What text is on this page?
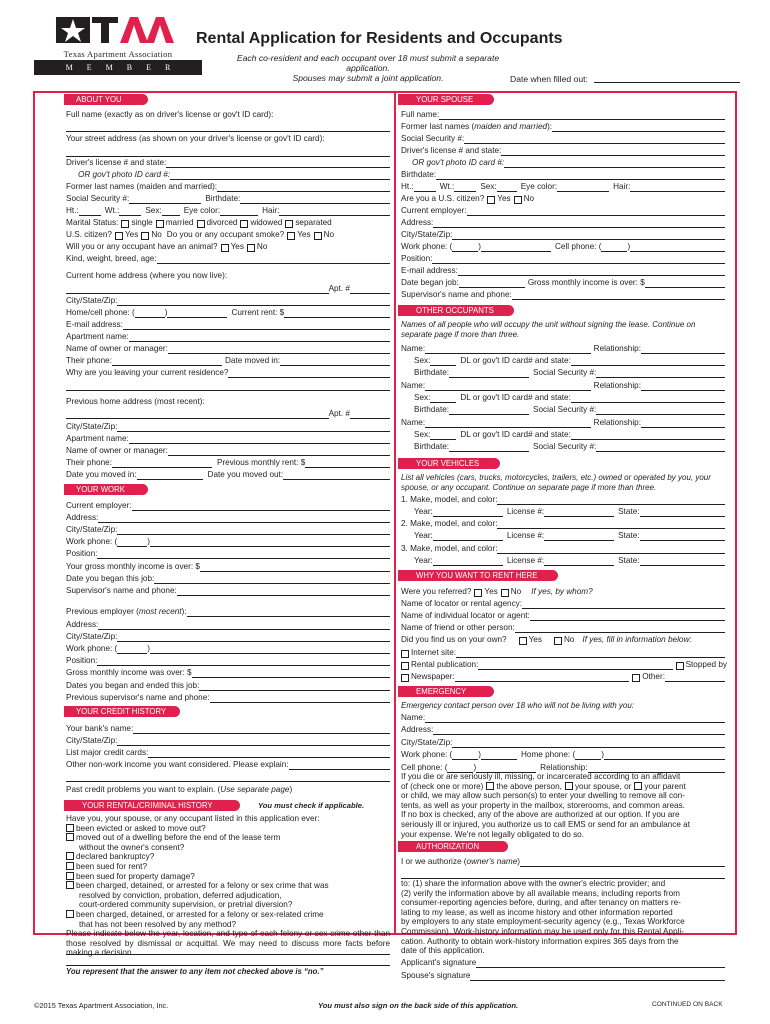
Texas Apartment Association
MEMBER
Rental Application for Residents and Occupants
Each co-resident and each occupant over 18 must submit a separate application.
Spouses may submit a joint application.	Date when filled out:
ABOUT YOU
Full name (exactly as on driver's license or gov't ID card):
Your street address (as shown on your driver's license or gov't ID card):
Driver's license # and state:
OR gov't photo ID card #:
Former last names (maiden and married):
Social Security #:	Birthdate:
Ht.:	Wt.:	Sex:	Eye color:	Hair:
Marital Status: single married divorced widowed separated
U.S. citizen? Yes No Do you or any occupant smoke? Yes No
Will you or any occupant have an animal? Yes No
Kind, weight, breed, age:
Current home address (where you now live):
Apt. #
City/State/Zip:
Home/cell phone: (	)	Current rent: $
E-mail address:
Apartment name:
Name of owner or manager:
Their phone:	Date moved in:
Why are you leaving your current residence?
Previous home address (most recent):
Apt. #
City/State/Zip:
Apartment name:
Name of owner or manager:
Their phone:	Previous monthly rent: $
Date you moved in:	Date you moved out:
YOUR WORK
Current employer:
Address:
City/State/Zip:
Work phone: (	)
Position:
Your gross monthly income is over: $
Date you began this job:
Supervisor's name and phone:
Previous employer ( most recent ):
Address:
City/State/Zip:
Work phone: (	)
Position:
Gross monthly income was over: $
Dates you began and ended this job:
Previous supervisor's name and phone:
YOUR CREDIT HISTORY
Your bank's name:
City/State/Zip:
List major credit cards:
Other non-work income you want considered. Please explain:
Past credit problems you want to explain. ( Use separate page )
YOUR RENTAL/CRIMINAL HISTORY	You must check if applicable.
Have you, your spouse, or any occupant listed in this application ever:
been evicted or asked to move out?
moved out of a dwelling before the end of the lease term
without the owner's consent?
declared bankruptcy?
been sued for rent?
been sued for property damage?
been charged, detained, or arrested for a felony or sex crime that was
resolved by conviction, probation, deferred adjudication,
court-ordered community supervision, or pretrial diversion?
been charged, detained, or arrested for a felony or sex-related crime
that has not been resolved by any method?
Please indicate below the year, location, and type of each felony or sex crime other than those resolved by dismissal or acquittal. We may need to discuss more facts before making a decision.
You represent that the answer to any item not checked above is “no.”
YOUR SPOUSE
Full name:
Former last names ( maiden and married ):
Social Security #:
Driver's license # and state:
OR gov't photo ID card #:
Birthdate:
Ht.:	Wt.:	Sex:	Eye color:	Hair:
Are you a U.S. citizen? Yes No
Current employer:
Address:
City/State/Zip:
Work phone: (	)	Cell phone: (	)
Position:
E-mail address:
Date began job:	Gross monthly income is over: $
Supervisor's name and phone:
OTHER OCCUPANTS
Names of all people who will occupy the unit without signing the lease. Continue on separate page if more than three.
Name:	Relationship:
Sex:	DL or gov't ID card# and state:
Birthdate:	Social Security #:
Name:	Relationship:
Sex:	DL or gov't ID card# and state:
Birthdate:	Social Security #:
Name:	Relationship:
Sex:	DL or gov't ID card# and state:
Birthdate:	Social Security #:
YOUR VEHICLES
List all vehicles (cars, trucks, motorcycles, trailers, etc.) owned or operated by you, your spouse, or any occupant. Continue on separate page if more than three.
1. Make, model, and color:
Year:	License #:	State:
2. Make, model, and color:
Year:	License #:	State:
3. Make, model, and color:
Year:	License #:	State:
WHY YOU WANT TO RENT HERE
Were you referred? Yes No If yes, by whom?
Name of locator or rental agency:
Name of individual locator or agent:
Name of friend or other person:
Did you find us on your own?	Yes	No If yes, fill in information below:
Internet site:
Rental publication:	Stopped by
Newspaper:	Other:
EMERGENCY
Emergency contact person over 18 who will not be living with you:
Name:
Address:
City/State/Zip:
Work phone: (	)	Home phone: (	)
Cell phone: (	)	Relationship:
If you die or are seriously ill, missing, or incarcerated according to an affidavit
of (check one or more) the above person, your spouse, or your parent
or child, we may allow such person(s) to enter your dwelling to remove all con-
tents, as well as your property in the mailbox, storerooms, and common areas.
If no box is checked, any of the above are authorized at our option. If you are
seriously ill or injured, you authorize us to call EMS or send for an ambulance at
your expense. We're not legally obligated to do so.
AUTHORIZATION
I or we authorize ( owner's name )
to: (1) share the information above with the owner's electric provider; and
(2) verify the information above by all available means, including reports from
consumer-reporting agencies before, during, and after tenancy on matters re-
lating to my lease, as well as income history and other information reported
by employers to any state employment-security agency (e.g., Texas Workforce
Commission). Work-history information may be used only for this Rental Appli-
cation. Authority to obtain work-history information expires 365 days from the
date of this application.
Applicant's signature
Spouse's signature
©2015 Texas Apartment Association, Inc.	You must also sign on the back side of this application.	CONTINUED ON BACK
